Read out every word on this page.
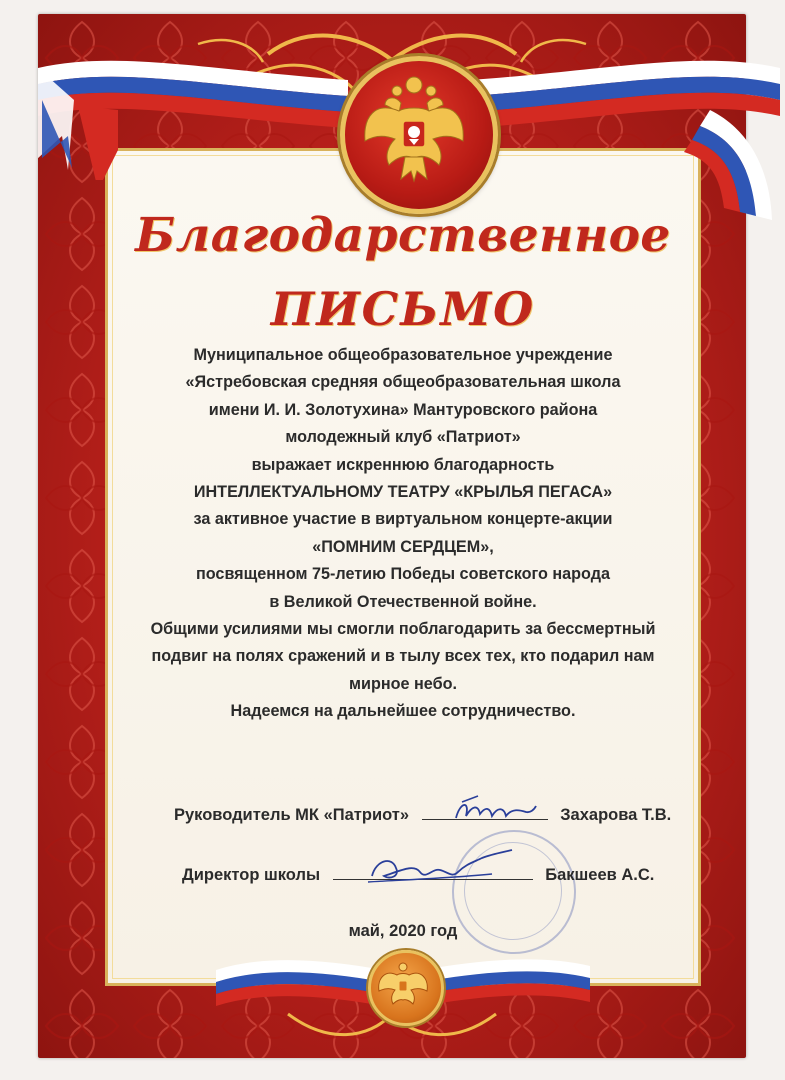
Благодарственное
ПИСЬМО
Муниципальное общеобразовательное учреждение
«Ястребовская средняя общеобразовательная школа
имени И. И. Золотухина» Мантуровского района
молодежный клуб «Патриот»
выражает искреннюю благодарность
ИНТЕЛЛЕКТУАЛЬНОМУ ТЕАТРУ «КРЫЛЬЯ ПЕГАСА»
за активное участие в виртуальном концерте-акции
«ПОМНИМ СЕРДЦЕМ»,
посвященном 75-летию Победы советского народа
в Великой Отечественной войне.
Общими усилиями мы смогли поблагодарить за бессмертный
подвиг на полях сражений и в тылу всех тех, кто подарил нам
мирное небо.
Надеемся на дальнейшее сотрудничество.
Руководитель МК «Патриот»	Захарова Т.В.
Директор школы	Бакшеев А.С.
май, 2020 год
